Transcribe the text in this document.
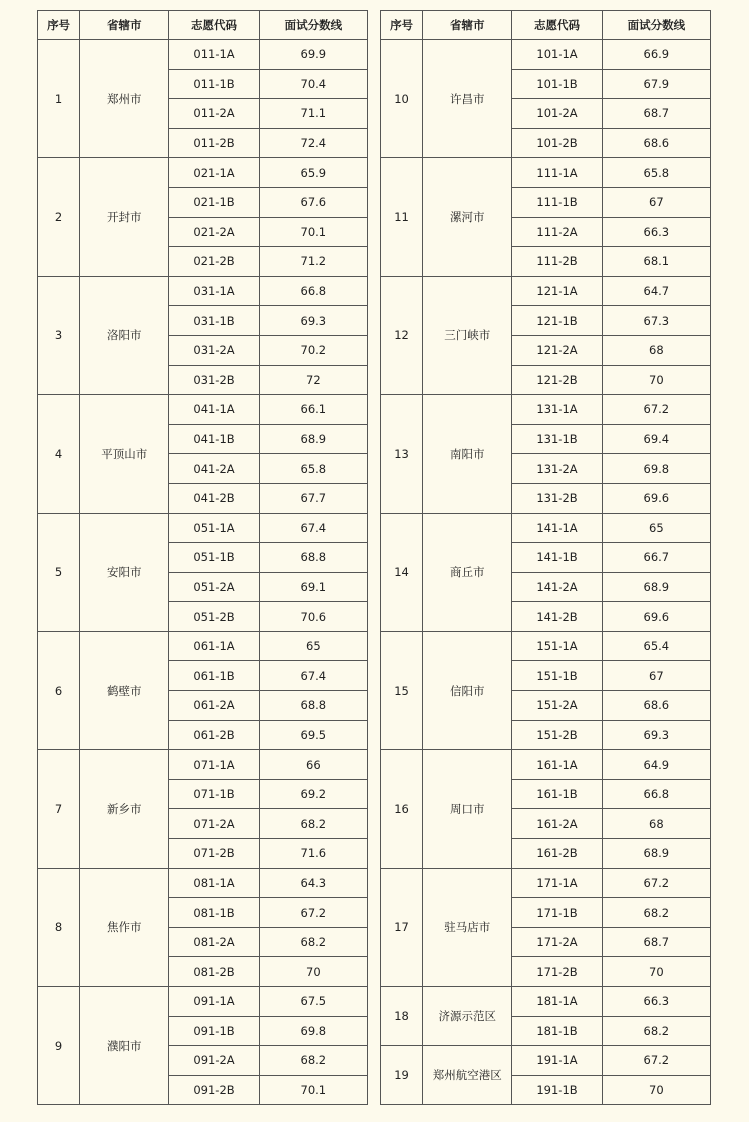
序号	省辖市	志愿代码	面试分数线
1	郑州市	011-1A	69.9
		011-1B	70.4
		011-2A	71.1
		011-2B	72.4
2	开封市	021-1A	65.9
		021-1B	67.6
		021-2A	70.1
		021-2B	71.2
3	洛阳市	031-1A	66.8
		031-1B	69.3
		031-2A	70.2
		031-2B	72
4	平顶山市	041-1A	66.1
		041-1B	68.9
		041-2A	65.8
		041-2B	67.7
5	安阳市	051-1A	67.4
		051-1B	68.8
		051-2A	69.1
		051-2B	70.6
6	鹤壁市	061-1A	65
		061-1B	67.4
		061-2A	68.8
		061-2B	69.5
7	新乡市	071-1A	66
		071-1B	69.2
		071-2A	68.2
		071-2B	71.6
8	焦作市	081-1A	64.3
		081-1B	67.2
		081-2A	68.2
		081-2B	70
9	濮阳市	091-1A	67.5
		091-1B	69.8
		091-2A	68.2
		091-2B	70.1
序号	省辖市	志愿代码	面试分数线
10	许昌市	101-1A	66.9
		101-1B	67.9
		101-2A	68.7
		101-2B	68.6
11	漯河市	111-1A	65.8
		111-1B	67
		111-2A	66.3
		111-2B	68.1
12	三门峡市	121-1A	64.7
		121-1B	67.3
		121-2A	68
		121-2B	70
13	南阳市	131-1A	67.2
		131-1B	69.4
		131-2A	69.8
		131-2B	69.6
14	商丘市	141-1A	65
		141-1B	66.7
		141-2A	68.9
		141-2B	69.6
15	信阳市	151-1A	65.4
		151-1B	67
		151-2A	68.6
		151-2B	69.3
16	周口市	161-1A	64.9
		161-1B	66.8
		161-2A	68
		161-2B	68.9
17	驻马店市	171-1A	67.2
		171-1B	68.2
		171-2A	68.7
		171-2B	70
18	济源示范区	181-1A	66.3
		181-1B	68.2
19	郑州航空港区	191-1A	67.2
		191-1B	70
